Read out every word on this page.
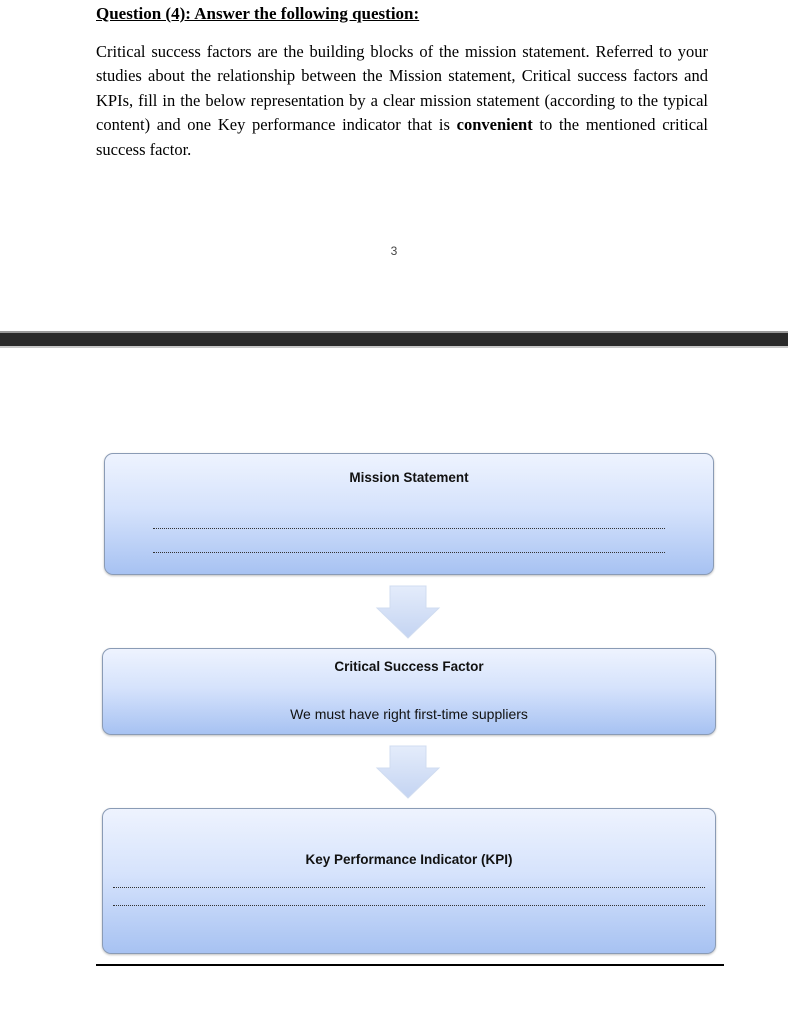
Question (4): Answer the following question:
Critical success factors are the building blocks of the mission statement. Referred to your studies about the relationship between the Mission statement, Critical success factors and KPIs, fill in the below representation by a clear mission statement (according to the typical content) and one Key performance indicator that is convenient to the mentioned critical success factor.
3
Mission Statement
Critical Success Factor
We must have right first-time suppliers
Key Performance Indicator (KPI)
